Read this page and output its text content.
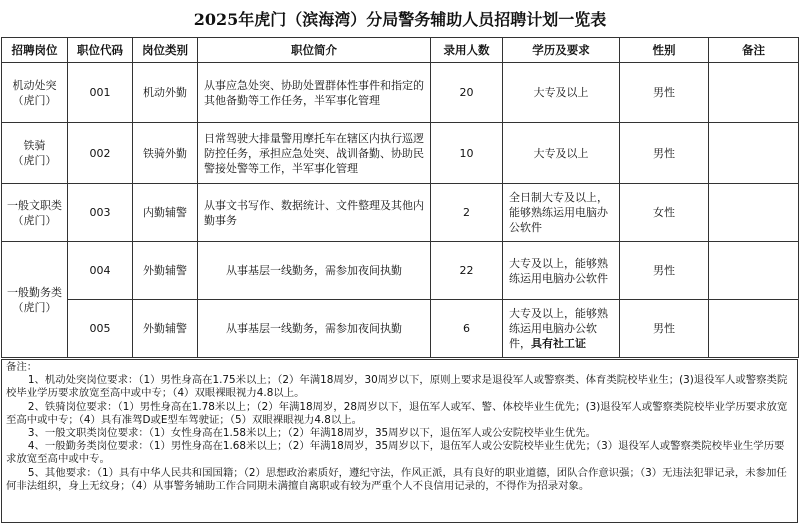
2025年虎门（滨海湾）分局警务辅助人员招聘计划一览表
招聘岗位	职位代码	岗位类别	职位简介	录用人数	学历及要求	性别	备注
机动处突
（虎门）	001	机动外勤	从事应急处突、协助处置群体性事件和指定的其他备勤等工作任务，半军事化管理	20	大专及以上	男性	
铁骑
（虎门）	002	铁骑外勤	日常驾驶大排量警用摩托车在辖区内执行巡逻防控任务，承担应急处突、战训备勤、协助民警接处警等工作，半军事化管理	10	大专及以上	男性	
一般文职类
（虎门）	003	内勤辅警	从事文书写作、数据统计、文件整理及其他内勤事务	2	全日制大专及以上，能够熟练运用电脑办公软件	女性	
一般勤务类
（虎门）	004	外勤辅警	从事基层一线勤务，需参加夜间执勤	22	大专及以上，能够熟练运用电脑办公软件	男性	
	005	外勤辅警	从事基层一线勤务，需参加夜间执勤	6	大专及以上，能够熟练运用电脑办公软件，具有社工证	男性	
备注：

1、机动处突岗位要求：（1）男性身高在1.75米以上；（2）年满18周岁，30周岁以下，原则上要求是退役军人或警察类、体育类院校毕业生；(3)退役军人或警察类院校毕业学历要求放宽至高中或中专；（4）双眼裸眼视力4.8以上。

2、铁骑岗位要求：（1）男性身高在1.78米以上；（2）年满18周岁，28周岁以下，退伍军人或军、警、体校毕业生优先；(3)退役军人或警察类院校毕业学历要求放宽至高中或中专；（4）具有准驾D或E型车驾驶证；（5）双眼裸眼视力4.8以上。

3、一般文职类岗位要求：（1）女性身高在1.58米以上；（2）年满18周岁，35周岁以下，退伍军人或公安院校毕业生优先。

4、一般勤务类岗位要求：（1）男性身高在1.68米以上；（2）年满18周岁，35周岁以下，退伍军人或公安院校毕业生优先；（3）退役军人或警察类院校毕业生学历要求放宽至高中或中专。

5、其他要求：（1）具有中华人民共和国国籍；（2）思想政治素质好，遵纪守法，作风正派，具有良好的职业道德，团队合作意识强；（3）无违法犯罪记录，未参加任何非法组织，身上无纹身；（4）从事警务辅助工作合同期未满擅自离职或有较为严重个人不良信用记录的，不得作为招录对象。
